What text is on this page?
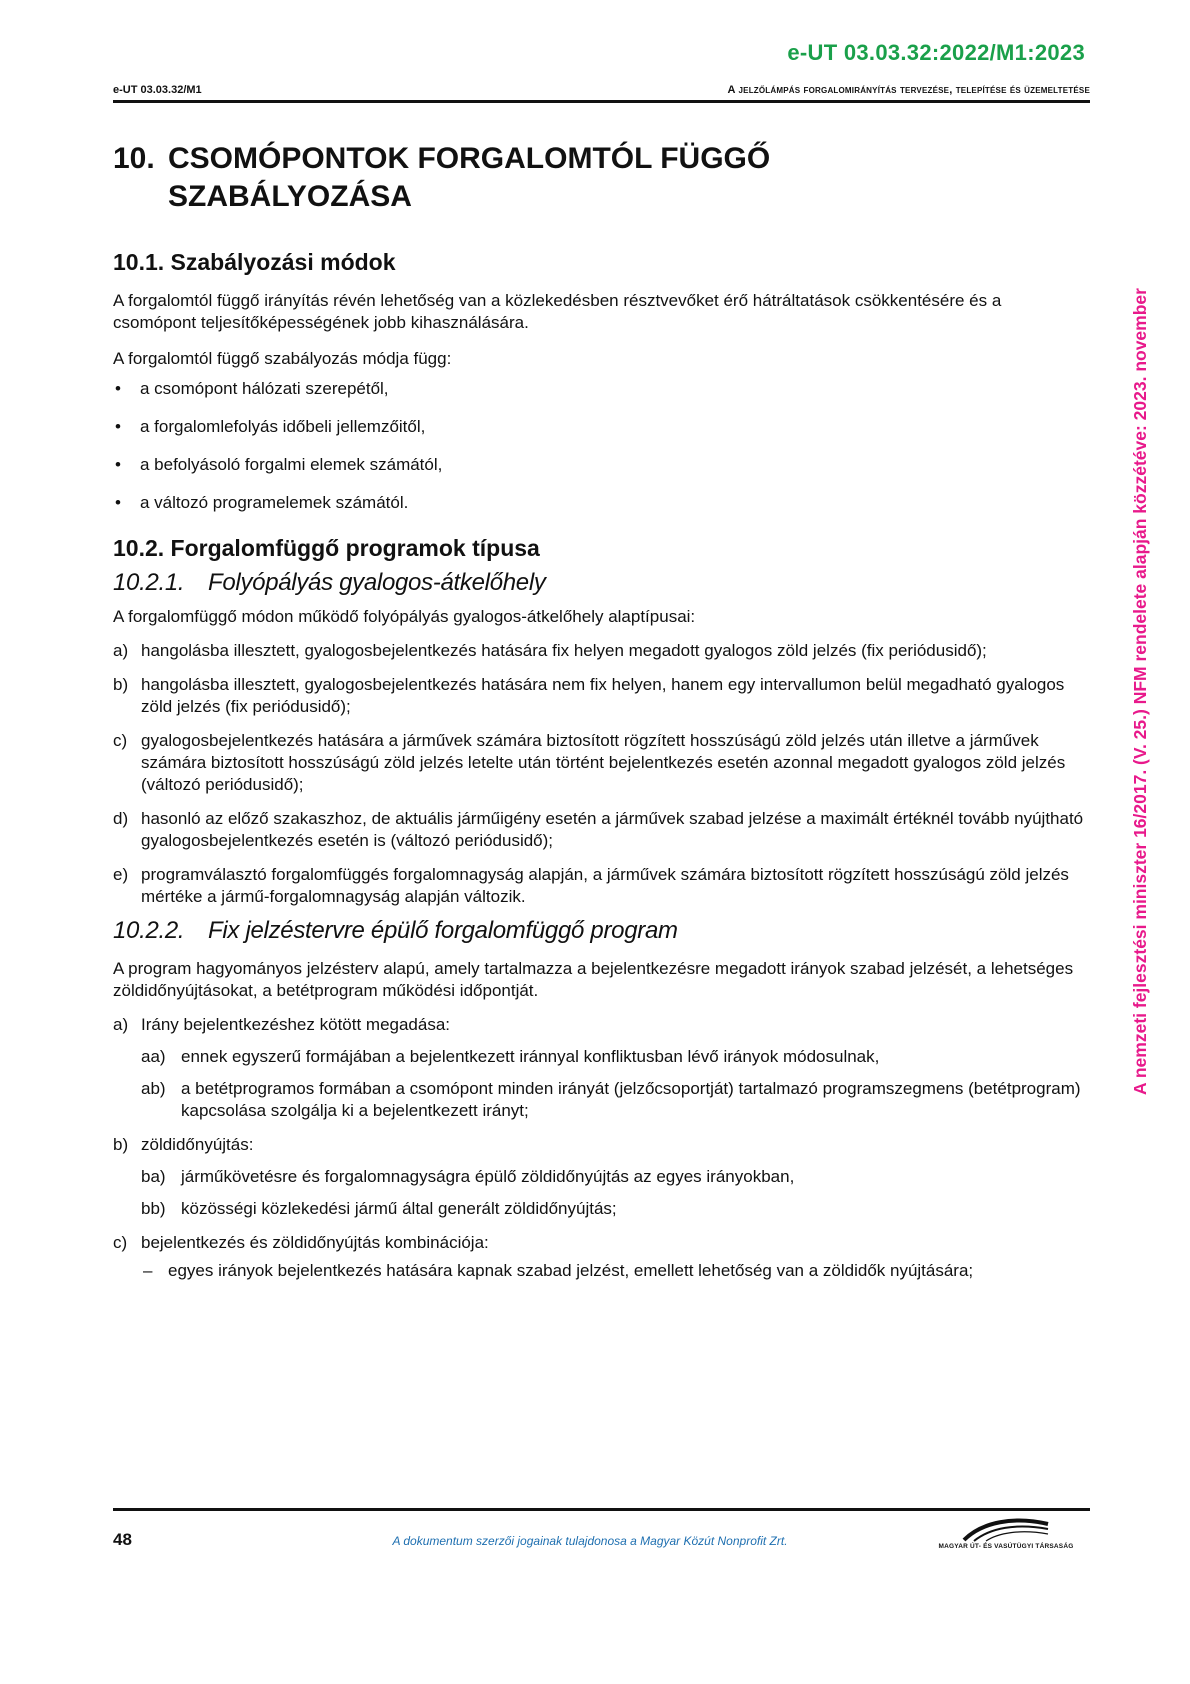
e-UT 03.03.32:2022/M1:2023
e-UT 03.03.32/M1	A jelzőlámpás forgalomirányítás tervezése, telepítése és üzemeltetése
A nemzeti fejlesztési miniszter 16/2017. (V. 25.) NFM rendelete alapján közzétéve: 2023. november
10. CSOMÓPONTOK FORGALOMTÓL FÜGGŐ
SZABÁLYOZÁSA
10.1. Szabályozási módok

A forgalomtól függő irányítás révén lehetőség van a közlekedésben résztvevőket érő hátráltatások csökkentésére és a csomópont teljesítőképességének jobb kihasználására.

A forgalomtól függő szabályozás módja függ:

• a csomópont hálózati szerepétől,
• a forgalomlefolyás időbeli jellemzőitől,
• a befolyásoló forgalmi elemek számától,
• a változó programelemek számától.
10.2. Forgalomfüggő programok típusa
10.2.1. Folyópályás gyalogos-átkelőhely

A forgalomfüggő módon működő folyópályás gyalogos-átkelőhely alaptípusai:

a) hangolásba illesztett, gyalogosbejelentkezés hatására fix helyen megadott gyalogos zöld jelzés (fix periódusidő);
b) hangolásba illesztett, gyalogosbejelentkezés hatására nem fix helyen, hanem egy intervallumon belül megadható gyalogos zöld jelzés (fix periódusidő);
c) gyalogosbejelentkezés hatására a járművek számára biztosított rögzített hosszúságú zöld jelzés után illetve a járművek számára biztosított hosszúságú zöld jelzés letelte után történt bejelentkezés esetén azonnal megadott gyalogos zöld jelzés (változó periódusidő);
d) hasonló az előző szakaszhoz, de aktuális járműigény esetén a járművek szabad jelzése a maximált értéknél tovább nyújtható gyalogosbejelentkezés esetén is (változó periódusidő);
e) programválasztó forgalomfüggés forgalomnagyság alapján, a járművek számára biztosított rögzített hosszúságú zöld jelzés mértéke a jármű-forgalomnagyság alapján változik.
10.2.2. Fix jelzéstervre épülő forgalomfüggő program

A program hagyományos jelzésterv alapú, amely tartalmazza a bejelentkezésre megadott irányok szabad jelzését, a lehetséges zöldidőnyújtásokat, a betétprogram működési időpontját.

a) Irány bejelentkezéshez kötött megadása:
aa) ennek egyszerű formájában a bejelentkezett iránnyal konfliktusban lévő irányok módosulnak,
ab) a betétprogramos formában a csomópont minden irányát (jelzőcsoportját) tartalmazó programszegmens (betétprogram) kapcsolása szolgálja ki a bejelentkezett irányt;
b) zöldidőnyújtás:
ba) járműkövetésre és forgalomnagyságra épülő zöldidőnyújtás az egyes irányokban,
bb) közösségi közlekedési jármű által generált zöldidőnyújtás;
c) bejelentkezés és zöldidőnyújtás kombinációja:
– egyes irányok bejelentkezés hatására kapnak szabad jelzést, emellett lehetőség van a zöldidők nyújtására;
48	A dokumentum szerzői jogainak tulajdonosa a Magyar Közút Nonprofit Zrt.	MAGYAR ÚT- ÉS VASÚTÜGYI TÁRSASÁG
